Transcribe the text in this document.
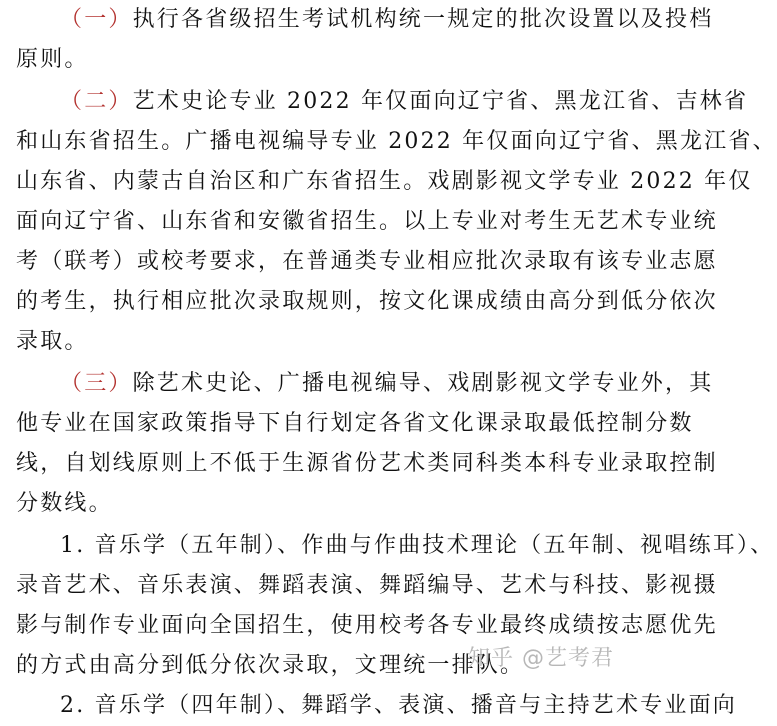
（一）执行各省级招生考试机构统一规定的批次设置以及投档
原则。
（二）艺术史论专业 2022 年仅面向辽宁省、黑龙江省、吉林省
和山东省招生。广播电视编导专业 2022 年仅面向辽宁省、黑龙江省、
山东省、内蒙古自治区和广东省招生。戏剧影视文学专业 2022 年仅
面向辽宁省、山东省和安徽省招生。以上专业对考生无艺术专业统
考（联考）或校考要求，在普通类专业相应批次录取有该专业志愿
的考生，执行相应批次录取规则，按文化课成绩由高分到低分依次
录取。
（三）除艺术史论、广播电视编导、戏剧影视文学专业外，其
他专业在国家政策指导下自行划定各省文化课录取最低控制分数
线，自划线原则上不低于生源省份艺术类同科类本科专业录取控制
分数线。
1. 音乐学（五年制）、作曲与作曲技术理论（五年制、视唱练耳）、
录音艺术、音乐表演、舞蹈表演、舞蹈编导、艺术与科技、影视摄
影与制作专业面向全国招生，使用校考各专业最终成绩按志愿优先
的方式由高分到低分依次录取，文理统一排队。
2. 音乐学（四年制）、舞蹈学、表演、播音与主持艺术专业面向
知乎 @艺考君
